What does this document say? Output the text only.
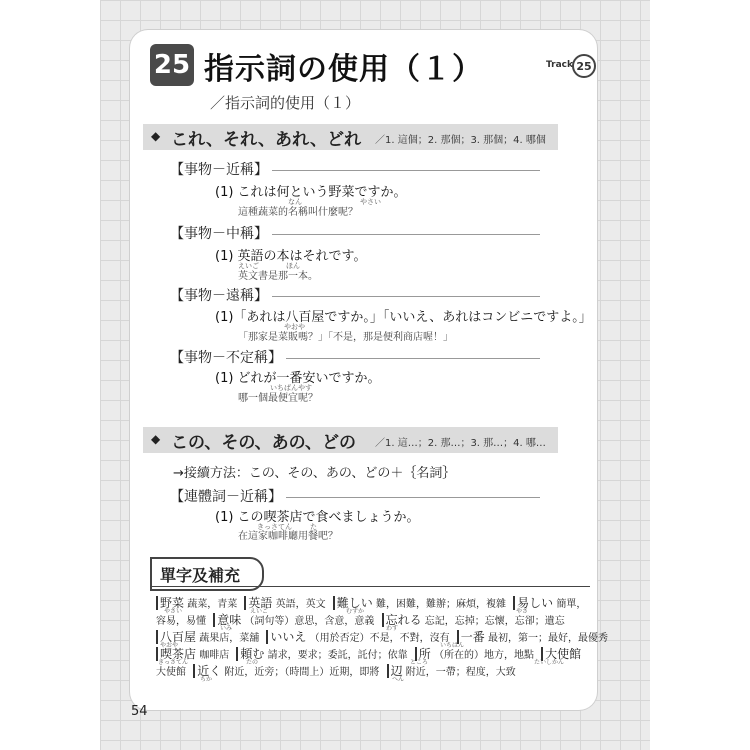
25 指示詞の使用（１）	Track 25
／指示詞的使用（１）
◆ これ、それ、あれ、どれ ／1. 這個；2. 那個；3. 那個；4. 哪個
【事物－近稱】
(1) これは何という野菜ですか。
なん	やさい
這種蔬菜的名稱叫什麼呢？
【事物－中稱】
(1) 英語の本はそれです。
えいご	ほん
英文書是那一本。
【事物－遠稱】
(1)「あれは八百屋ですか。」「いいえ、あれはコンビニですよ。」
やおや
「那家是菜販嗎？」「不是，那是便利商店喔！」
【事物－不定稱】
(1) どれが一番安いですか。
いちばんやす
哪一個最便宜呢？
◆ この、その、あの、どの ／1. 這…；2. 那…；3. 那…；4. 哪…
→接續方法：この、その、あの、どの＋｛名詞｝
【連體詞－近稱】
(1) この喫茶店で食べましょうか。
きっさてん	た
在這家咖啡廳用餐吧？
單字及補充
野菜 蔬菜，青菜 英語 英語，英文 難しい 難，困難，難辦；麻煩，複雜 易しい 簡單，
やさい	えいご	むずか	やさ
容易，易懂 意味 （詞句等）意思，含意，意義 忘れる 忘記，忘掉；忘懷，忘卻；遺忘
いみ	わす
八百屋 蔬果店，菜舖 いいえ （用於否定）不是，不對，沒有 一番 最初，第一；最好，最優秀
やおや	いちばん
喫茶店 咖啡店 頼む 請求，要求；委託，託付；依靠 所 （所在的）地方，地點 大使館
きっさてん	たの	ところ	たいしかん
大使館 近く 附近，近旁；（時間上）近期，即將 辺 附近，一帶；程度，大致
ちか	へん
54
